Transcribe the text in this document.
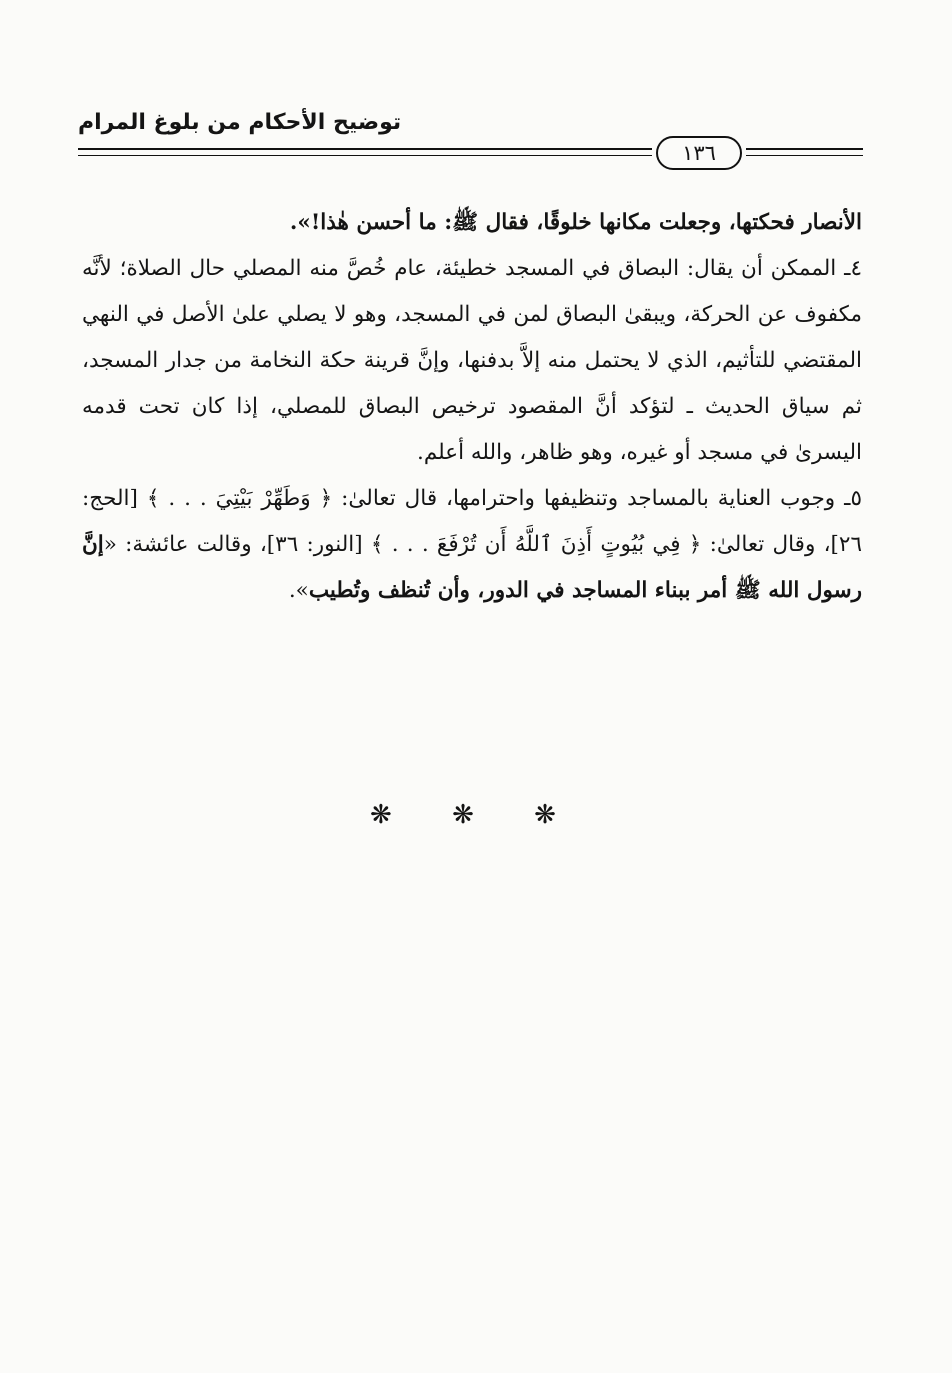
توضيح الأحكام من بلوغ المرام
١٣٦

الأنصار فحكتها، وجعلت مكانها خلوقًا، فقال ﷺ: ما أحسن هٰذا!».

٤ـ الممكن أن يقال: البصاق في المسجد خطيئة، عام خُصَّ منه المصلي حال الصلاة؛ لأنَّه مكفوف عن الحركة، ويبقىٰ البصاق لمن في المسجد، وهو لا يصلي علىٰ الأصل في النهي المقتضي للتأثيم، الذي لا يحتمل منه إلاَّ بدفنها، وإنَّ قرينة حكة النخامة من جدار المسجد، ثم سياق الحديث ـ لتؤكد أنَّ المقصود ترخيص البصاق للمصلي، إذا كان تحت قدمه اليسرىٰ في مسجد أو غيره، وهو ظاهر، والله أعلم.

٥ـ وجوب العناية بالمساجد وتنظيفها واحترامها، قال تعالىٰ: ﴿ وَطَهِّرْ بَيْتِيَ . . . ﴾ [الحج: ٢٦]، وقال تعالىٰ: ﴿ فِي بُيُوتٍ أَذِنَ ٱللَّهُ أَن تُرْفَعَ . . . ﴾ [النور: ٣٦]، وقالت عائشة: «إنَّ رسول الله ﷺ أمر ببناء المساجد في الدور، وأن تُنظف وتُطيب».

❋ ❋ ❋
